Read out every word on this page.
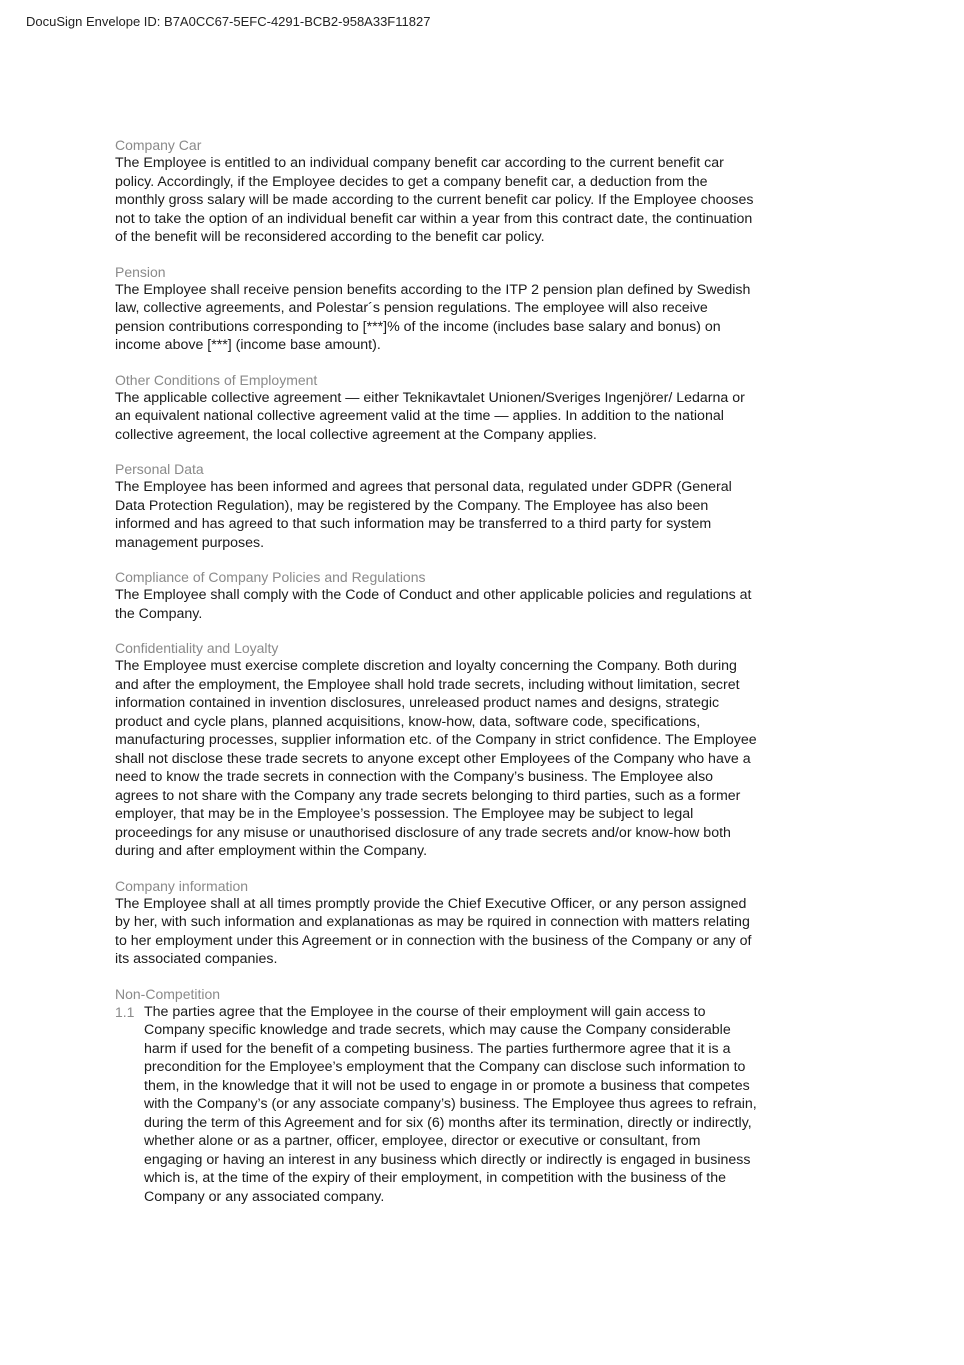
DocuSign Envelope ID: B7A0CC67-5EFC-4291-BCB2-958A33F11827

Company Car

The Employee is entitled to an individual company benefit car according to the current benefit car policy. Accordingly, if the Employee decides to get a company benefit car, a deduction from the monthly gross salary will be made according to the current benefit car policy. If the Employee chooses not to take the option of an individual benefit car within a year from this contract date, the continuation of the benefit will be reconsidered according to the benefit car policy.

Pension

The Employee shall receive pension benefits according to the ITP 2 pension plan defined by Swedish law, collective agreements, and Polestar´s pension regulations. The employee will also receive pension contributions corresponding to [***]% of the income (includes base salary and bonus) on income above [***] (income base amount).

Other Conditions of Employment

The applicable collective agreement — either Teknikavtalet Unionen/Sveriges Ingenjörer/ Ledarna or an equivalent national collective agreement valid at the time — applies. In addition to the national collective agreement, the local collective agreement at the Company applies.

Personal Data

The Employee has been informed and agrees that personal data, regulated under GDPR (General Data Protection Regulation), may be registered by the Company. The Employee has also been informed and has agreed to that such information may be transferred to a third party for system management purposes.

Compliance of Company Policies and Regulations

The Employee shall comply with the Code of Conduct and other applicable policies and regulations at the Company.

Confidentiality and Loyalty

The Employee must exercise complete discretion and loyalty concerning the Company. Both during and after the employment, the Employee shall hold trade secrets, including without limitation, secret information contained in invention disclosures, unreleased product names and designs, strategic product and cycle plans, planned acquisitions, know-how, data, software code, specifications, manufacturing processes, supplier information etc. of the Company in strict confidence. The Employee shall not disclose these trade secrets to anyone except other Employees of the Company who have a need to know the trade secrets in connection with the Company’s business. The Employee also agrees to not share with the Company any trade secrets belonging to third parties, such as a former employer, that may be in the Employee’s possession. The Employee may be subject to legal proceedings for any misuse or unauthorised disclosure of any trade secrets and/or know-how both during and after employment within the Company.

Company information

The Employee shall at all times promptly provide the Chief Executive Officer, or any person assigned by her, with such information and explanationas as may be rquired in connection with matters relating to her employment under this Agreement or in connection with the business of the Company or any of its associated companies.

Non-Competition

1.1 The parties agree that the Employee in the course of their employment will gain access to Company specific knowledge and trade secrets, which may cause the Company considerable harm if used for the benefit of a competing business. The parties furthermore agree that it is a precondition for the Employee’s employment that the Company can disclose such information to them, in the knowledge that it will not be used to engage in or promote a business that competes with the Company’s (or any associate company’s) business. The Employee thus agrees to refrain, during the term of this Agreement and for six (6) months after its termination, directly or indirectly, whether alone or as a partner, officer, employee, director or executive or consultant, from engaging or having an interest in any business which directly or indirectly is engaged in business which is, at the time of the expiry of their employment, in competition with the business of the Company or any associated company.
